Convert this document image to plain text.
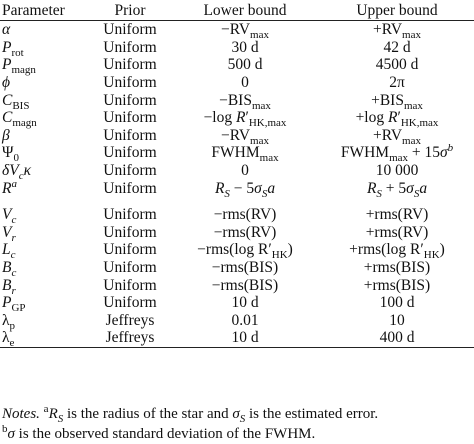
Parameter	Prior	Lower bound	Upper bound
α	Uniform	$-RV_{max}$	$+RV_{max}$
$P_{rot}$	Uniform	30 d	42 d
$P_{magn}$	Uniform	500 d	4500 d
ϕ	Uniform	0	2π
$C_{BIS}$	Uniform	$-BIS_{max}$	$+BIS_{max}$
$C_{magn}$	Uniform	−log $R'_{HK,max}$	+log $R'_{HK,max}$
β	Uniform	$-RV_{max}$	$+RV_{max}$
$\Psi_0$	Uniform	$FWHM_{max}$	$FWHM_{max} + 15\sigma^b$
$\delta V_c\kappa$	Uniform	0	10 000
$R^a$	Uniform	$R_S - 5\sigma_Sa$	$R_S + 5\sigma_Sa$

$V_c$	Uniform	−rms(RV)	+rms(RV)
$V_r$	Uniform	−rms(RV)	+rms(RV)
$L_c$	Uniform	−rms(log $R'_{HK}$)	+rms(log $R'_{HK}$)
$B_c$	Uniform	−rms(BIS)	+rms(BIS)
$B_r$	Uniform	−rms(BIS)	+rms(BIS)
$P_{GP}$	Uniform	10 d	100 d
$\lambda_p$	Jeffreys	0.01	10
$\lambda_e$	Jeffreys	10 d	400 d
Notes. $^aR_S$ is the radius of the star and $\sigma_S$ is the estimated error.
$^b$σ is the observed standard deviation of the FWHM.
